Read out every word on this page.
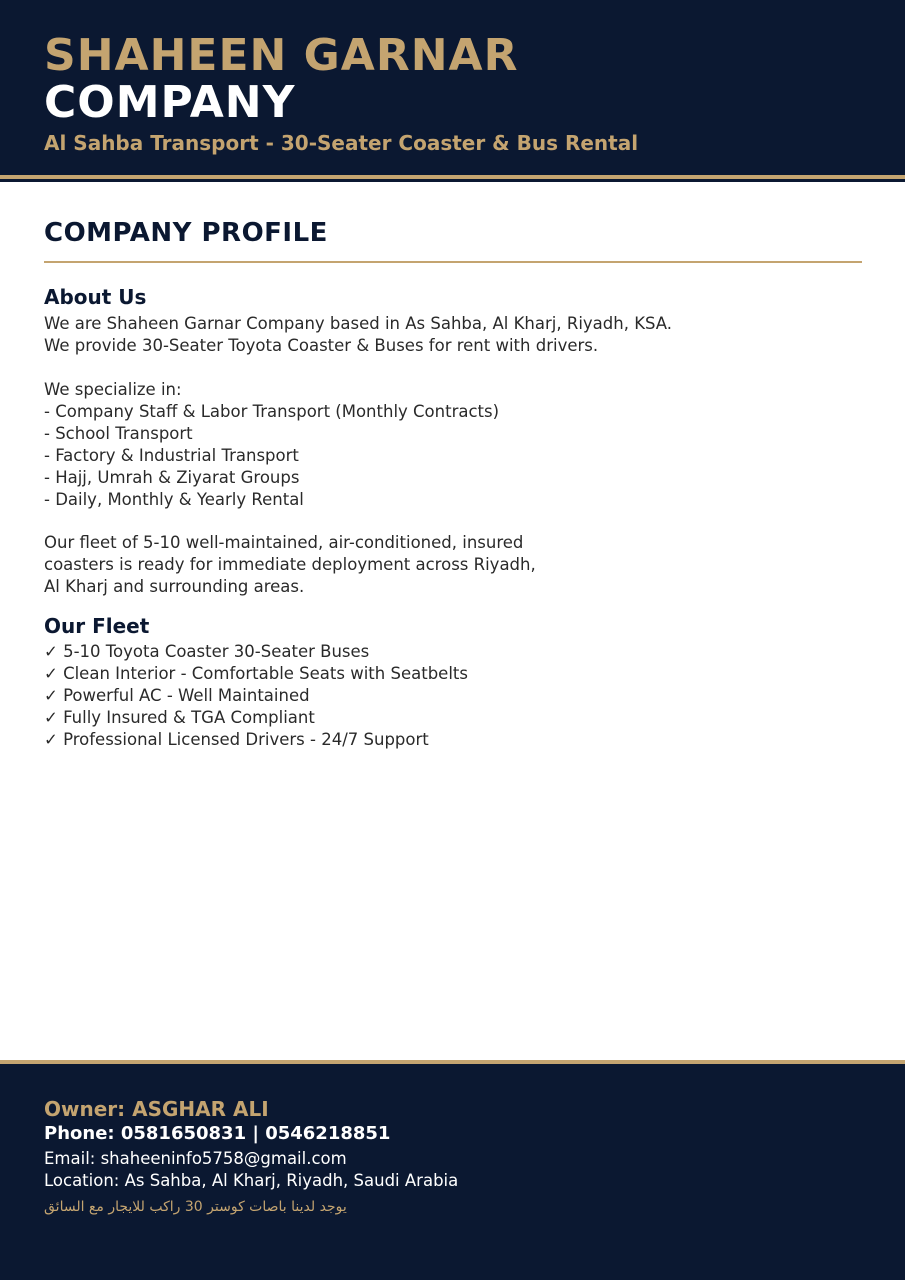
SHAHEEN GARNAR
COMPANY
Al Sahba Transport - 30-Seater Coaster & Bus Rental
COMPANY PROFILE
About Us
We are Shaheen Garnar Company based in As Sahba, Al Kharj, Riyadh, KSA.
We provide 30-Seater Toyota Coaster & Buses for rent with drivers.
We specialize in:
- Company Staff & Labor Transport (Monthly Contracts)
- School Transport
- Factory & Industrial Transport
- Hajj, Umrah & Ziyarat Groups
- Daily, Monthly & Yearly Rental
Our fleet of 5-10 well-maintained, air-conditioned, insured
coasters is ready for immediate deployment across Riyadh,
Al Kharj and surrounding areas.
Our Fleet
✓ 5-10 Toyota Coaster 30-Seater Buses
✓ Clean Interior - Comfortable Seats with Seatbelts
✓ Powerful AC - Well Maintained
✓ Fully Insured & TGA Compliant
✓ Professional Licensed Drivers - 24/7 Support
Owner: ASGHAR ALI
Phone: 0581650831 | 0546218851
Email: shaheeninfo5758@gmail.com
Location: As Sahba, Al Kharj, Riyadh, Saudi Arabia
يوجد لدينا باصات كوستر 30 راكب للايجار مع السائق
